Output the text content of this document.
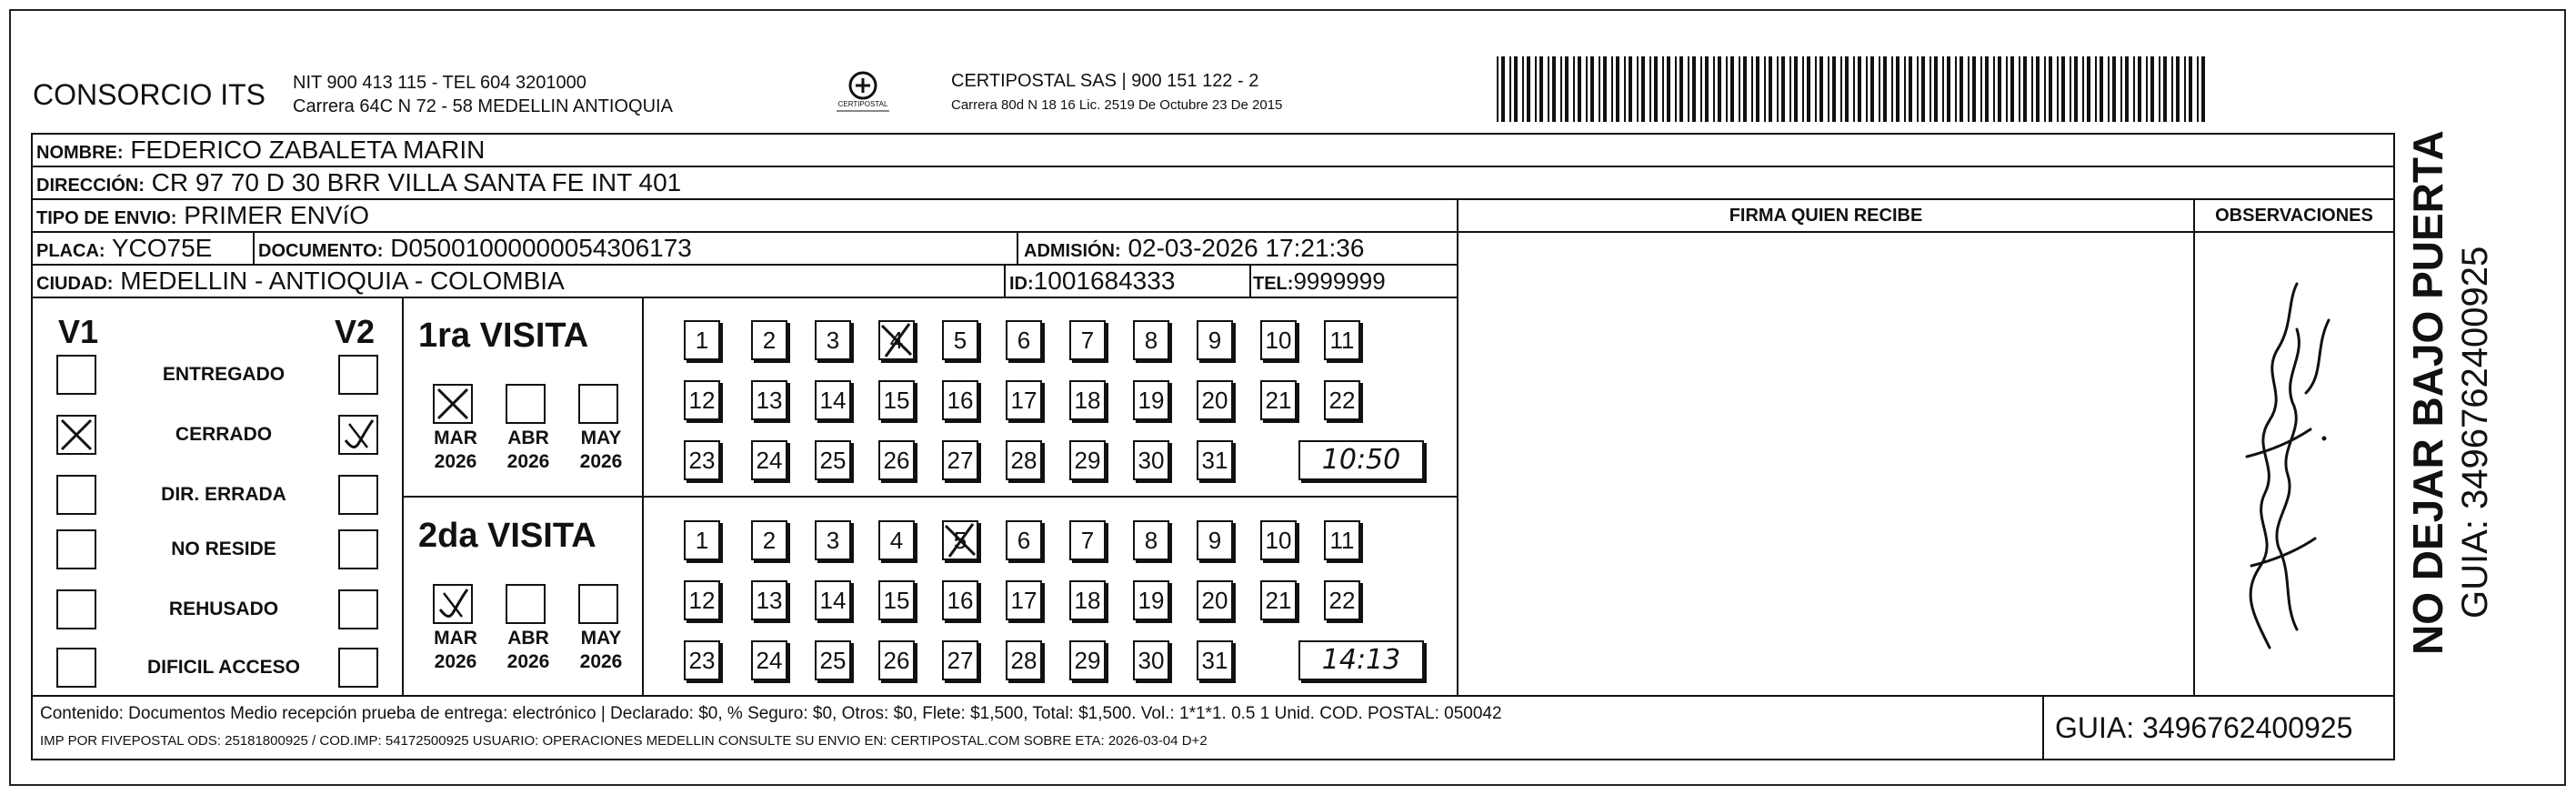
CONSORCIO ITS NIT 900 413 115 - TEL 604 3201000
Carrera 64C N 72 - 58 MEDELLIN ANTIOQUIA	CERTIPOSTAL
CERTIPOSTAL SAS | 900 151 122 - 2
Carrera 80d N 18 16 Lic. 2519 De Octubre 23 De 2015
NOMBRE: FEDERICO ZABALETA MARIN
DIRECCIÓN: CR 97 70 D 30 BRR VILLA SANTA FE INT 401
TIPO DE ENVIO: PRIMER ENVíO
PLACA: YCO75E	DOCUMENTO: D05001000000054306173	ADMISIÓN: 02-03-2026 17:21:36
CIUDAD: MEDELLIN - ANTIOQUIA - COLOMBIA	ID:1001684333	TEL:9999999
FIRMA QUIEN RECIBE	OBSERVACIONES
V1	V2
ENTREGADO
CERRADO
DIR. ERRADA
NO RESIDE
REHUSADO
DIFICIL ACCESO
1ra VISITA
MAR
2026
ABR
2026
MAY
2026
1	2	3	4	5	6	7	8	9	10 11
12 13 14 15 16 17 18 19 20 21 22
23 24 25 26 27 28 29 30 31	10:50
2da VISITA
MAR
2026
ABR
2026
MAY
2026
1	2	3	4	5	6	7	8	9	10 11
12 13 14 15 16 17 18 19 20 21 22
23 24 25 26 27 28 29 30 31	14:13
Contenido: Documentos Medio recepción prueba de entrega: electrónico | Declarado: $0, % Seguro: $0, Otros: $0, Flete: $1,500, Total: $1,500. Vol.: 1*1*1. 0.5 1 Unid. COD. POSTAL: 050042
IMP POR FIVEPOSTAL ODS: 25181800925 / COD.IMP: 54172500925 USUARIO: OPERACIONES MEDELLIN CONSULTE SU ENVIO EN: CERTIPOSTAL.COM SOBRE ETA: 2026-03-04 D+2	GUIA: 3496762400925
NO DEJAR BAJO PUERTA GUIA: 3496762400925
